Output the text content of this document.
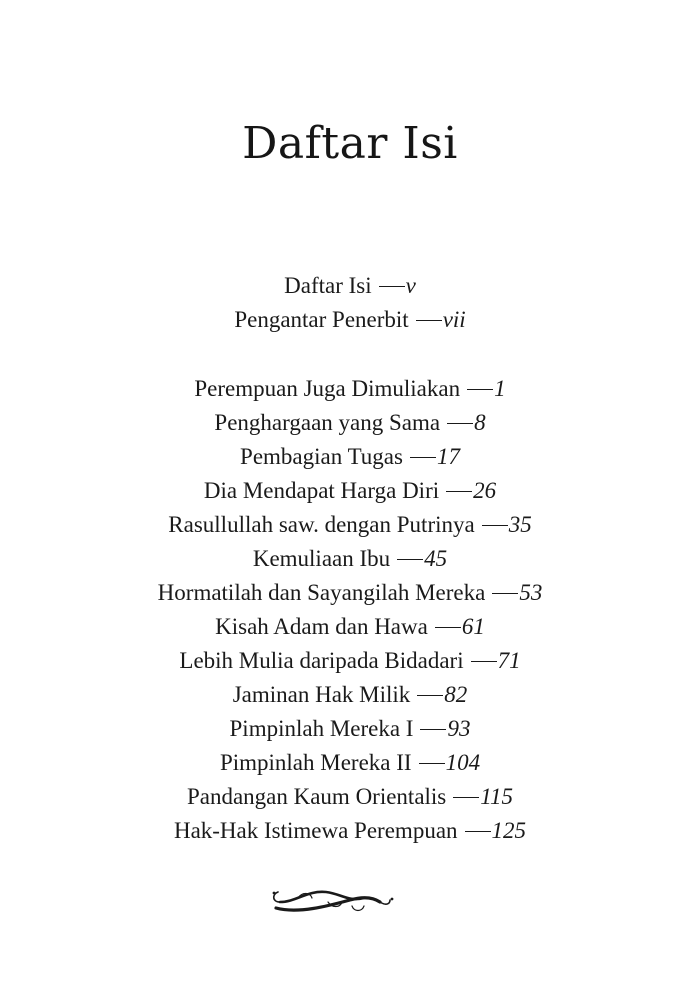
Daftar Isi
Daftar Isi v
Pengantar Penerbit vii
Perempuan Juga Dimuliakan 1
Penghargaan yang Sama 8
Pembagian Tugas 17
Dia Mendapat Harga Diri 26
Rasullullah saw. dengan Putrinya 35
Kemuliaan Ibu 45
Hormatilah dan Sayangilah Mereka 53
Kisah Adam dan Hawa 61
Lebih Mulia daripada Bidadari 71
Jaminan Hak Milik 82
Pimpinlah Mereka I 93
Pimpinlah Mereka II 104
Pandangan Kaum Orientalis 115
Hak-Hak Istimewa Perempuan 125
